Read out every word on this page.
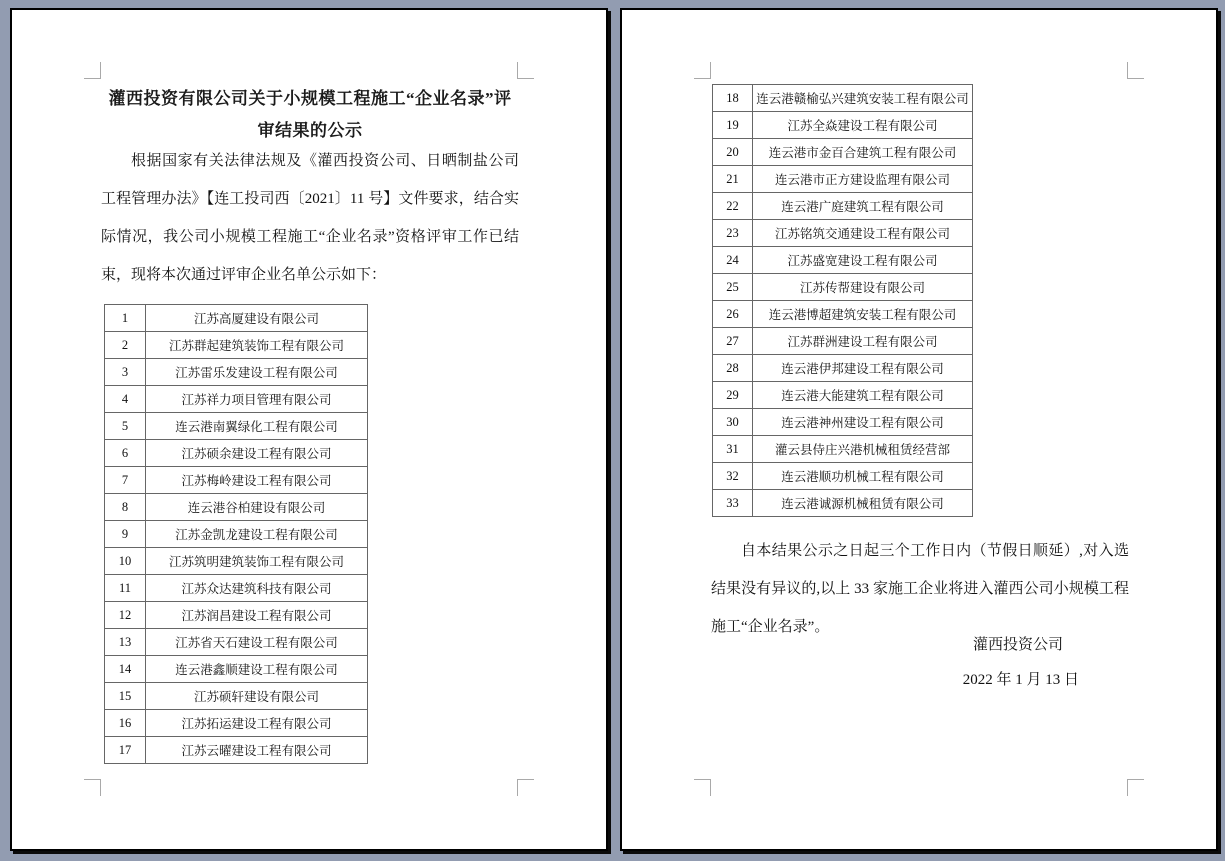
灌西投资有限公司关于小规模工程施工“企业名录”评审结果的公示
根据国家有关法律法规及《灌西投资公司、日晒制盐公司工程管理办法》【连工投司西〔2021〕11 号】文件要求，结合实际情况，我公司小规模工程施工“企业名录”资格评审工作已结束，现将本次通过评审企业名单公示如下：
1	江苏高厦建设有限公司
2	江苏群起建筑装饰工程有限公司
3	江苏雷乐发建设工程有限公司
4	江苏祥力项目管理有限公司
5	连云港南翼绿化工程有限公司
6	江苏硕余建设工程有限公司
7	江苏梅岭建设工程有限公司
8	连云港谷柏建设有限公司
9	江苏金凯龙建设工程有限公司
10	江苏筑明建筑装饰工程有限公司
11	江苏众达建筑科技有限公司
12	江苏润昌建设工程有限公司
13	江苏省天石建设工程有限公司
14	连云港鑫顺建设工程有限公司
15	江苏硕轩建设有限公司
16	江苏拓运建设工程有限公司
17	江苏云曜建设工程有限公司
18	连云港赣榆弘兴建筑安装工程有限公司
19	江苏全焱建设工程有限公司
20	连云港市金百合建筑工程有限公司
21	连云港市正方建设监理有限公司
22	连云港广庭建筑工程有限公司
23	江苏铭筑交通建设工程有限公司
24	江苏盛宽建设工程有限公司
25	江苏传帮建设有限公司
26	连云港博超建筑安装工程有限公司
27	江苏群洲建设工程有限公司
28	连云港伊邦建设工程有限公司
29	连云港大能建筑工程有限公司
30	连云港神州建设工程有限公司
31	灌云县侍庄兴港机械租赁经营部
32	连云港顺功机械工程有限公司
33	连云港诚源机械租赁有限公司
自本结果公示之日起三个工作日内（节假日顺延）,对入选结果没有异议的,以上 33 家施工企业将进入灌西公司小规模工程施工“企业名录”。
灌西投资公司
2022 年 1 月 13 日
